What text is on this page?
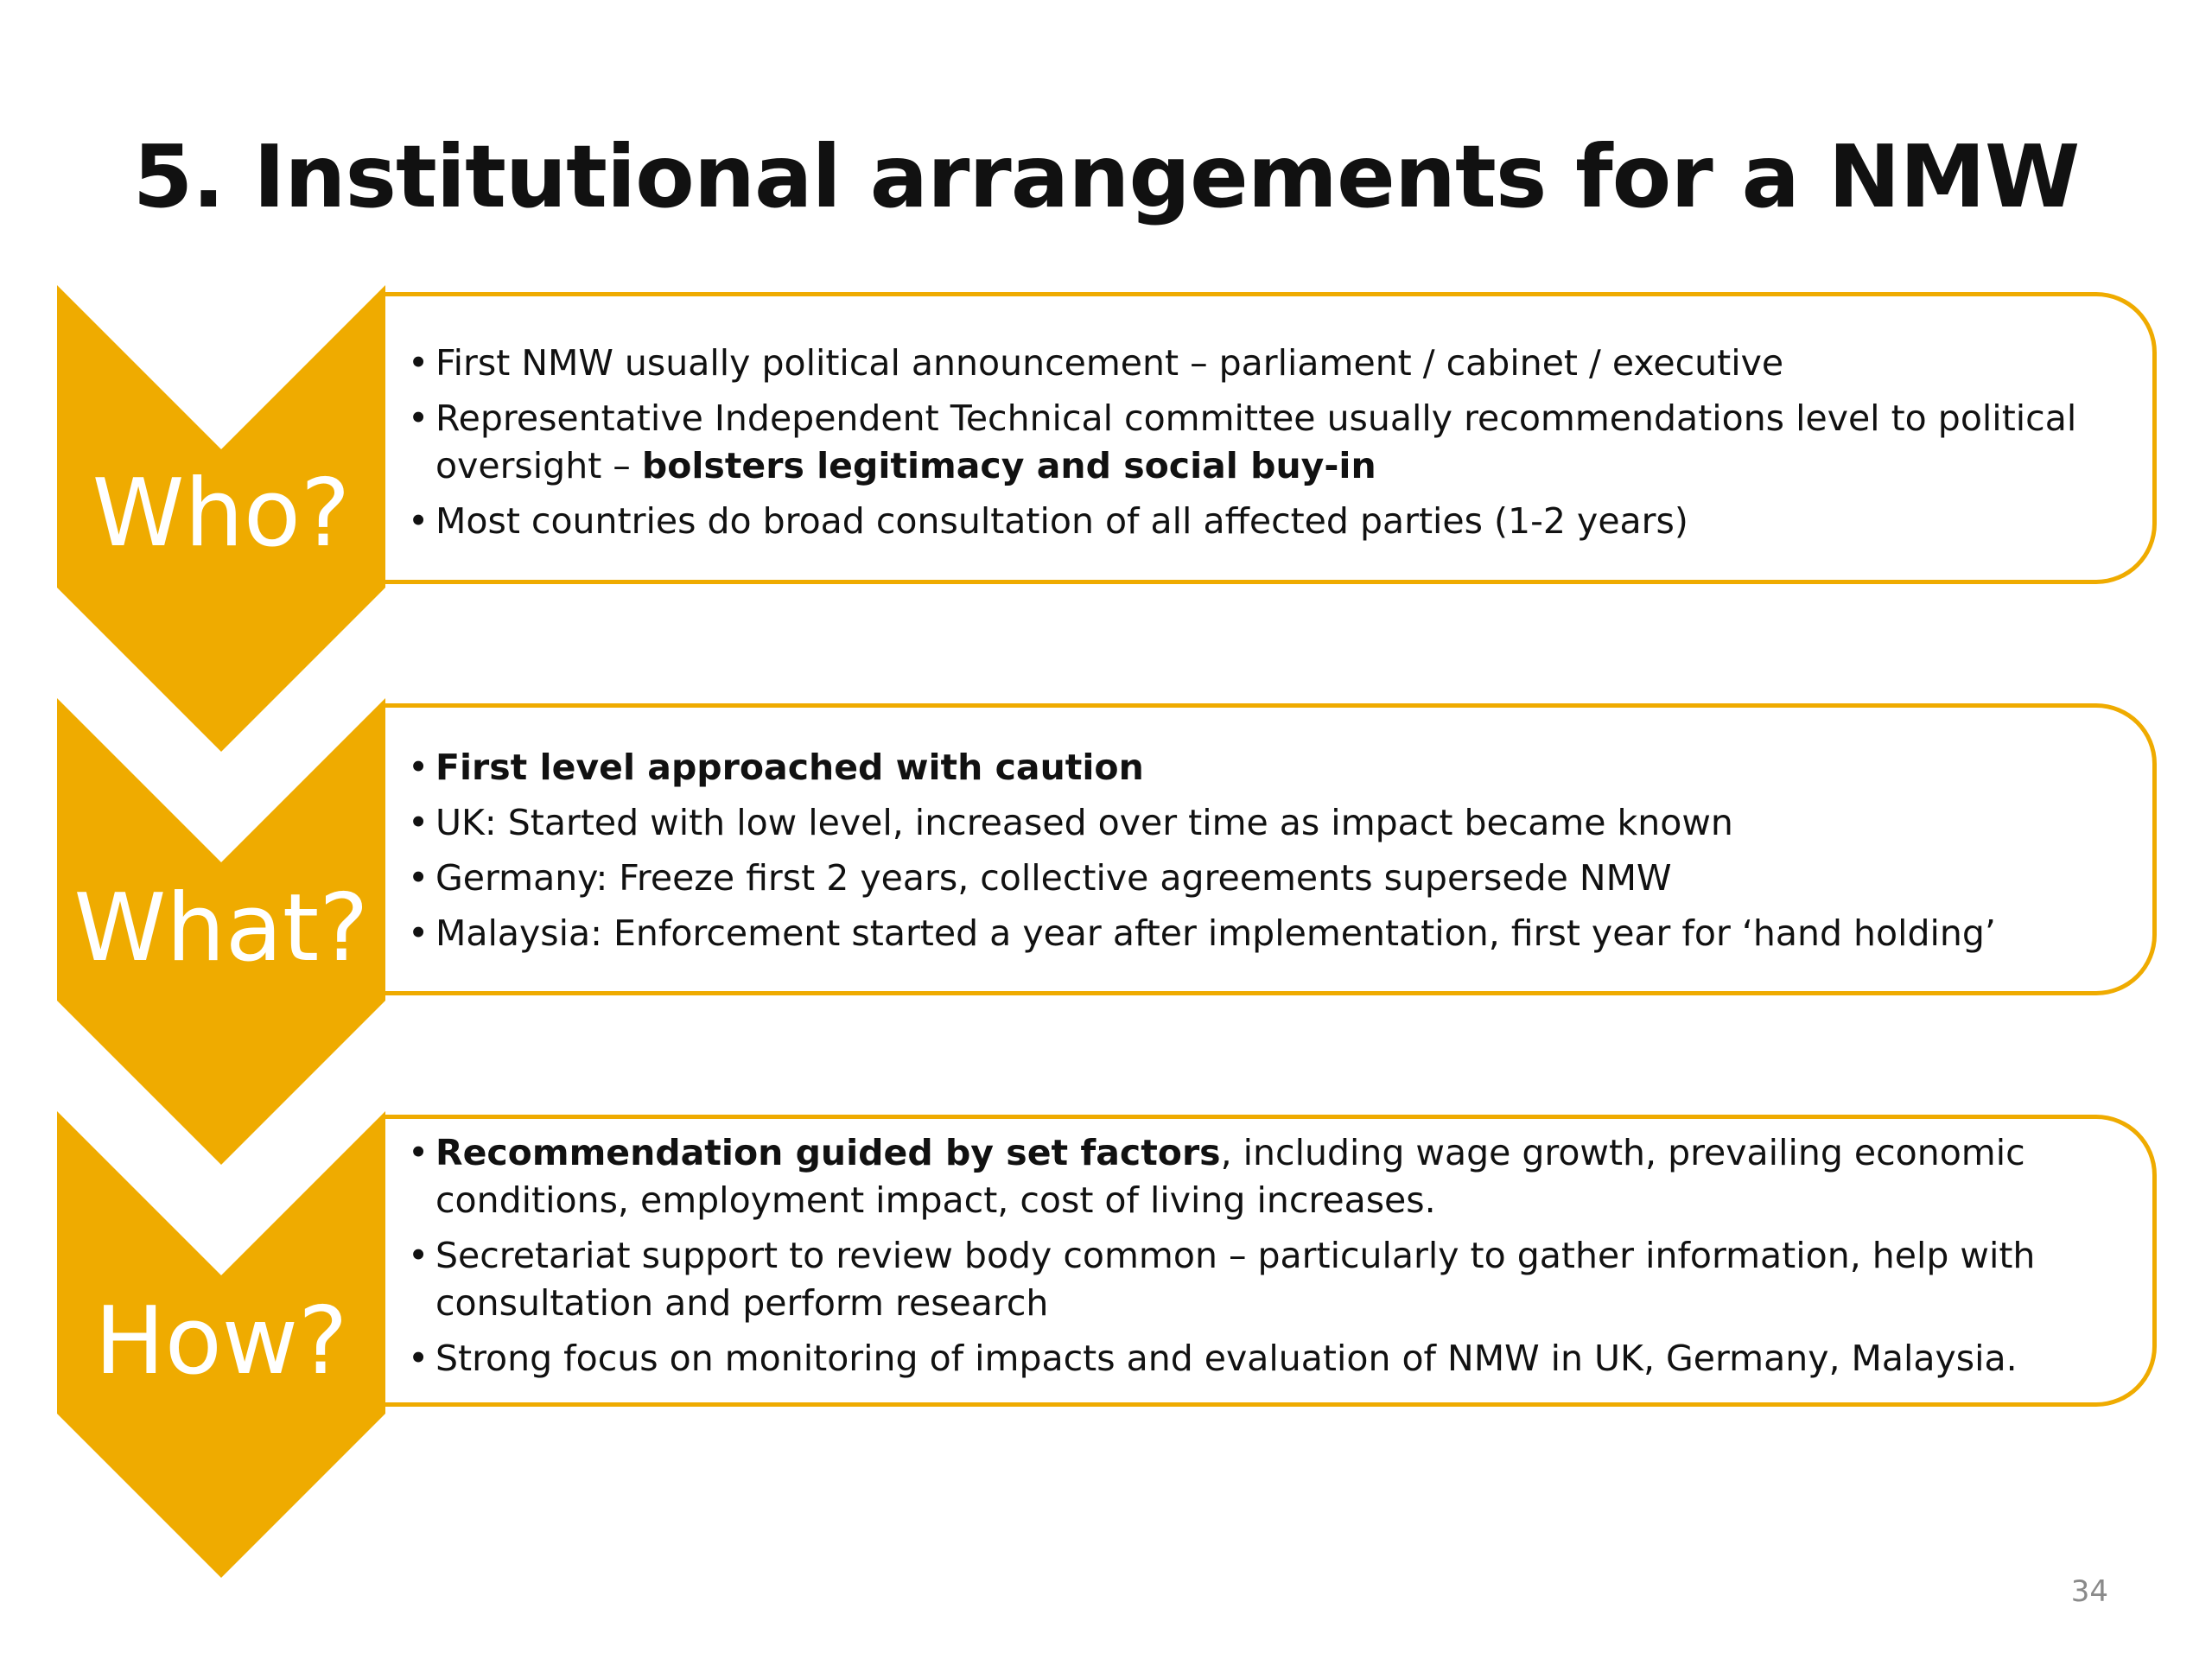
5. Institutional arrangements for a NMW
Who?
• First NMW usually political announcement – parliament / cabinet / executive
• Representative Independent Technical committee usually recommendations level to political oversight – bolsters legitimacy and social buy-in
• Most countries do broad consultation of all affected parties (1-2 years)
What?
• First level approached with caution
• UK: Started with low level, increased over time as impact became known
• Germany: Freeze first 2 years, collective agreements supersede NMW
• Malaysia: Enforcement started a year after implementation, first year for ‘hand holding’
How?
• Recommendation guided by set factors, including wage growth, prevailing economic conditions, employment impact, cost of living increases.
• Secretariat support to review body common – particularly to gather information, help with consultation and perform research
• Strong focus on monitoring of impacts and evaluation of NMW in UK, Germany, Malaysia.
34
